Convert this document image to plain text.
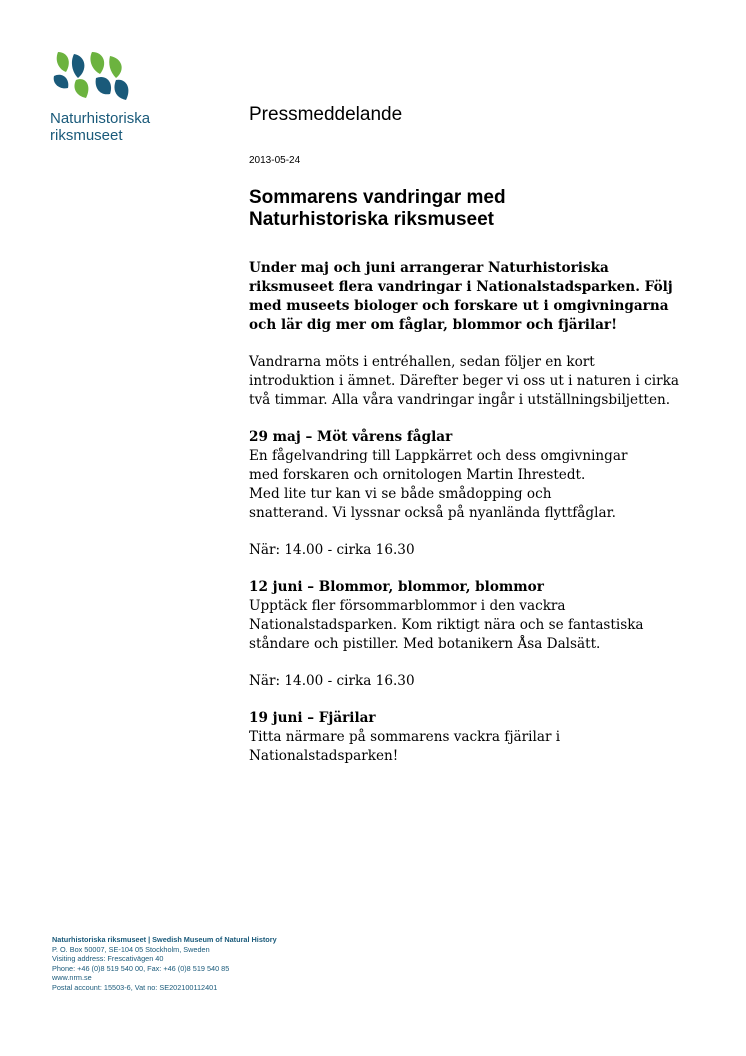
Naturhistoriska
riksmuseet
Pressmeddelande
2013-05-24
Sommarens vandringar med
Naturhistoriska riksmuseet

Under maj och juni arrangerar Naturhistoriska riksmuseet flera vandringar i Nationalstadsparken. Följ med museets biologer och forskare ut i omgivningarna och lär dig mer om fåglar, blommor och fjärilar!

Vandrarna möts i entréhallen, sedan följer en kort introduktion i ämnet. Därefter beger vi oss ut i naturen i cirka två timmar. Alla våra vandringar ingår i utställningsbiljetten.

29 maj – Möt vårens fåglar
En fågelvandring till Lappkärret och dess omgivningar
med forskaren och ornitologen Martin Ihrestedt.
Med lite tur kan vi se både smådopping och
snatterand. Vi lyssnar också på nyanlända flyttfåglar.

När: 14.00 - cirka 16.30

12 juni – Blommor, blommor, blommor
Upptäck fler försommarblommor i den vackra Nationalstadsparken. Kom riktigt nära och se fantastiska ståndare och pistiller. Med botanikern Åsa Dalsätt.

När: 14.00 - cirka 16.30

19 juni – Fjärilar
Titta närmare på sommarens vackra fjärilar i Nationalstadsparken!

Naturhistoriska riksmuseet | Swedish Museum of Natural History
P. O. Box 50007, SE-104 05 Stockholm, Sweden
Visiting address: Frescativägen 40
Phone: +46 (0)8 519 540 00, Fax: +46 (0)8 519 540 85
www.nrm.se
Postal account: 15503-6, Vat no: SE202100112401
